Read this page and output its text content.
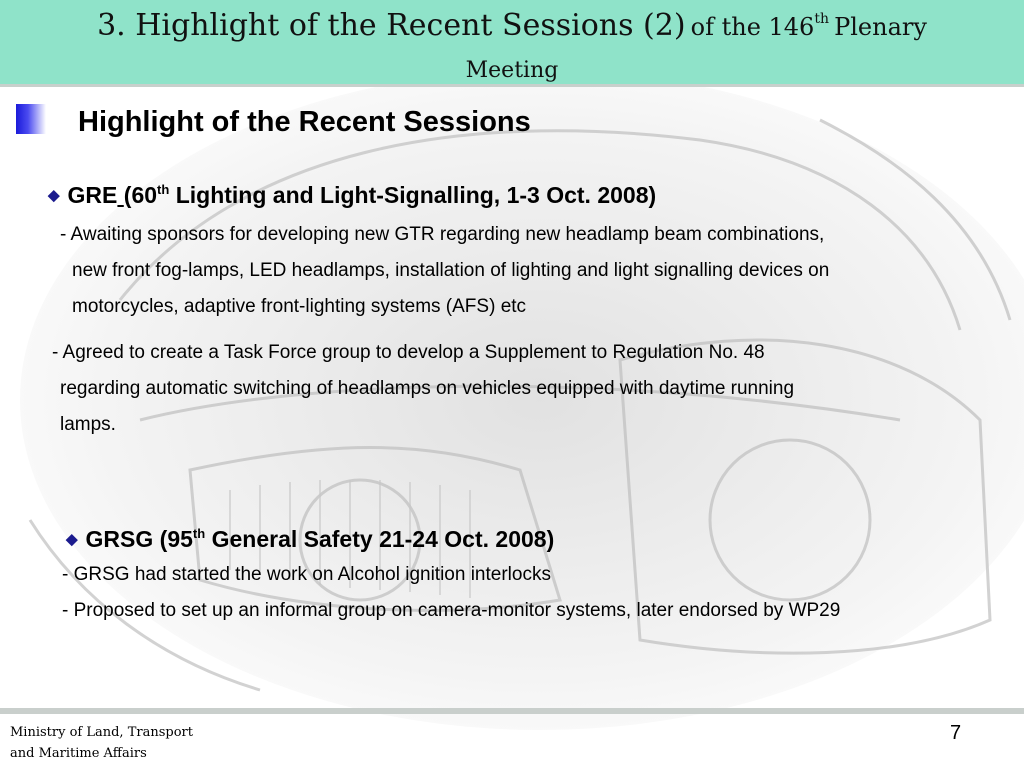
3. Highlight of the Recent Sessions (2) of the 146th Plenary
Meeting
Highlight of the Recent Sessions
◆ GRE (60th Lighting and Light-Signalling, 1-3 Oct. 2008)
- Awaiting sponsors for developing new GTR regarding new headlamp beam combinations,
new front fog-lamps, LED headlamps, installation of lighting and light signalling devices on
motorcycles, adaptive front-lighting systems (AFS) etc
- Agreed to create a Task Force group to develop a Supplement to Regulation No. 48
regarding automatic switching of headlamps on vehicles equipped with daytime running
lamps.
◆ GRSG (95th General Safety 21-24 Oct. 2008)
- GRSG had started the work on Alcohol ignition interlocks
- Proposed to set up an informal group on camera-monitor systems, later endorsed by WP29
Ministry of Land, Transport
and Maritime Affairs
7
